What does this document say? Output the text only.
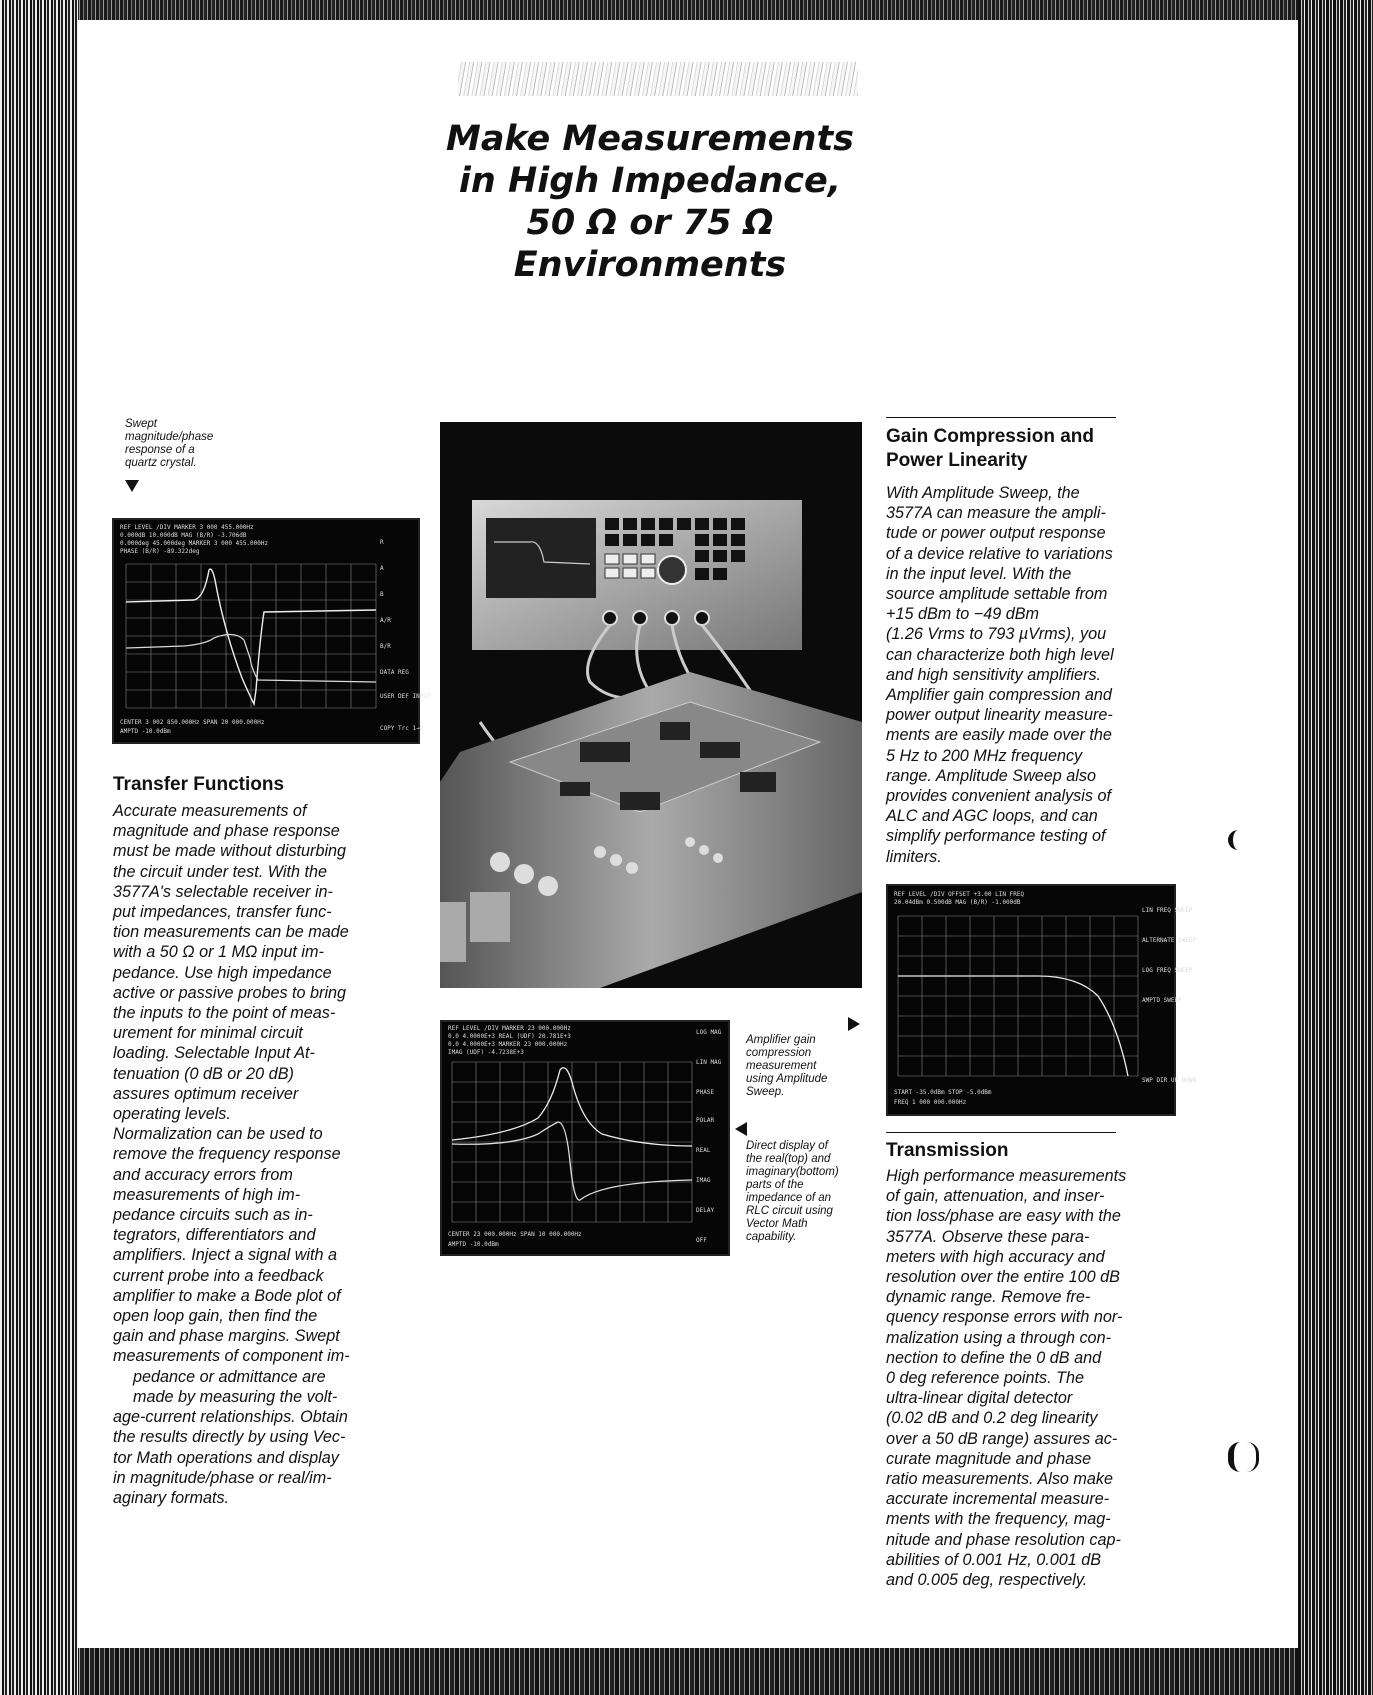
Make Measurements
in High Impedance,
50 Ω or 75 Ω
Environments
Swept
magnitude/phase
response of a
quartz crystal.
REF LEVEL /DIV MARKER 3 000 455.000Hz
0.000dB 10.000dB MAG (B/R) -3.706dB
0.000deg 45.000deg MARKER 3 000 455.000Hz
PHASE (B/R) -89.322deg
CENTER 3 002 850.000Hz SPAN 20 000.000Hz
AMPTD -10.0dBm
R
A
B
A/R
B/R
DATA REG
USER DEF INPUT
COPY Trc 1→2
Transfer Functions

Accurate measurements of
magnitude and phase response
must be made without disturbing
the circuit under test. With the
3577A's selectable receiver in-
put impedances, transfer func-
tion measurements can be made
with a 50 Ω or 1 MΩ input im-
pedance. Use high impedance
active or passive probes to bring
the inputs to the point of meas-
urement for minimal circuit
loading. Selectable Input At-
tenuation (0 dB or 20 dB)
assures optimum receiver
operating levels.

Normalization can be used to
remove the frequency response
and accuracy errors from
measurements of high im-
pedance circuits such as in-
tegrators, differentiators and
amplifiers. Inject a signal with a
current probe into a feedback
amplifier to make a Bode plot of
open loop gain, then find the
gain and phase margins. Swept
measurements of component im-
pedance or admittance are
made by measuring the volt-
age-current relationships. Obtain
the results directly by using Vec-
tor Math operations and display
in magnitude/phase or real/im-
aginary formats.

REF LEVEL /DIV MARKER 23 000.000Hz
0.0 4.0000E+3 REAL (UDF) 20.781E+3
0.0 4.0000E+3 MARKER 23 000.000Hz
IMAG (UDF) -4.7238E+3
CENTER 23 000.000Hz SPAN 10 000.000Hz
AMPTD -10.0dBm
LOG MAG
LIN MAG
PHASE
POLAR
REAL
IMAG
DELAY
OFF
Amplifier gain
compression
measurement
using Amplitude
Sweep.
Direct display of
the real(top) and
imaginary(bottom)
parts of the
impedance of an
RLC circuit using
Vector Math
capability.
Gain Compression and
Power Linearity
With Amplitude Sweep, the
3577A can measure the ampli-
tude or power output response
of a device relative to variations
in the input level. With the
source amplitude settable from
+15 dBm to −49 dBm
(1.26 Vrms to 793 µVrms), you
can characterize both high level
and high sensitivity amplifiers.
Amplifier gain compression and
power output linearity measure-
ments are easily made over the
5 Hz to 200 MHz frequency
range. Amplitude Sweep also
provides convenient analysis of
ALC and AGC loops, and can
simplify performance testing of
limiters.
REF LEVEL /DIV OFFSET +3.00 LIN FREQ
20.04dBm 0.500dB MAG (B/R) -1.000dB
START -35.0dBm STOP -5.0dBm
FREQ 1 000 000.000Hz
LIN FREQ SWEEP
ALTERNATE SWEEP
LOG FREQ SWEEP
AMPTD SWEEP
SWP DIR UP DOWN
Transmission
High performance measurements
of gain, attenuation, and inser-
tion loss/phase are easy with the
3577A. Observe these para-
meters with high accuracy and
resolution over the entire 100 dB
dynamic range. Remove fre-
quency response errors with nor-
malization using a through con-
nection to define the 0 dB and
0 deg reference points. The
ultra-linear digital detector
(0.02 dB and 0.2 deg linearity
over a 50 dB range) assures ac-
curate magnitude and phase
ratio measurements. Also make
accurate incremental measure-
ments with the frequency, mag-
nitude and phase resolution cap-
abilities of 0.001 Hz, 0.001 dB
and 0.005 deg, respectively.
